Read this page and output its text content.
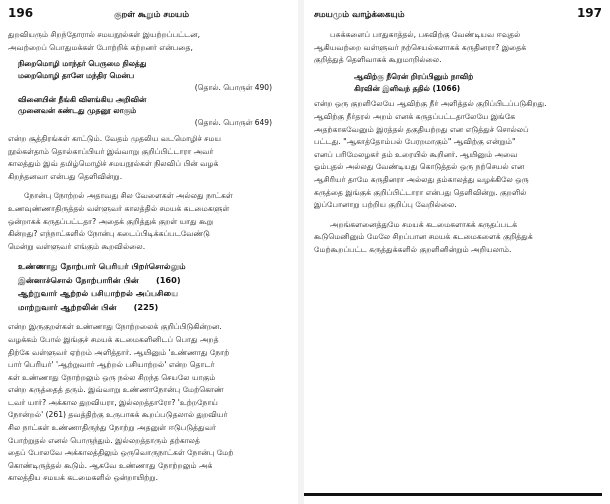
196	குறள் கூறும் சமயம்

துறவியரும் சிறந்தோரால் சமயநூல்கள் இயற்றப்பட்டன,

அவற்றைப் பொதுமக்கள் போற்றிக் கற்றனர் என்பதை,

நிறைமொழி மாந்தர் பெருமை நிலத்து

மறைமொழி தானே மந்திர மென்ப

(தொல். பொருள் 490)

வினையின் நீங்கி விளங்கிய அறிவின்

முனைவன் கண்டது முதனூ லாகும்

(தொல். பொருள் 649)

என்ற சூத்திரங்கள் காட்டும். வேதம் முதலிய வடமொழிச் சமய

நூல்கள்தாம் தொல்காப்பியர் இவ்வாறு குறிப்பிட்டாரா அவர்

காலத்தும் இவ் தமிழ்மொழிச் சமயநூல்கள் நிலவிப் பின் வழக்

கிறந்தனவா என்பது தெளிவின்று.

நோன்பு நோற்றல் அதாவது சில வேளைகள் அல்லது நாட்கள்

உணவுண்ணாதிருத்தல் வள்ளுவர் காலத்தில் சமயக் கடமைகளுள்

ஒன்றாகக் கருதப்பட்டதா? அதைக் குறித்துக் குறள் யாது கூறு

கின்றது? எந்நாட்களில் நோன்பு கடைப்பிடிக்கப்படவேண்டு

மென்று வள்ளுவர் எங்கும் கூறவில்லை.

உண்ணாது நோற்பார் பெரியர் பிறர்சொல்லும்

இன்னாச்சொல் நோற்பாரின் பின் (160)

ஆற்றுவார் ஆற்றல் பசியாற்றல் அப்பசியை

மாற்றுவார் ஆற்றலின் பின் (225)

என்ற இருகுறள்கள் உண்ணாது நோற்றலைக் குறிப்பிடுகின்றன.

வழக்கம் போல் இங்குச் சமயக் கடமைகளினிடப் பொது அறத்

திற்கே வள்ளுவர் ஏற்றம் அளித்தார். ஆயினும் 'உண்ணாது நோற்

பார் பெரியர்' 'ஆற்றுவார் ஆற்றல் பசியாற்றல்' என்ற தொடர்

கள் உண்ணாது நோற்றலும் ஒரு நல்ல சிறந்த செயலே யாகும்

என்ற கருத்தைத் தரும். இவ்வாறு உண்ணாநோன்பு மேற்கொண்

டவர் யார்? அக்கால துறவியரா, இல்லறத்தாரோ? 'உற்றநோய்

நோன்றல்' (261) தவத்திற்கு உருபாகக் கூறப்படுதலால் துறவியர்

சில நாட்கள் உண்ணாதிருந்து நோற்று அதனுள் ஈடுபடுத்துவர்

போற்றுதல் எனல் பொருந்தும். இல்லறத்தாரும் தற்காலத்

தைப் போலவே அக்காலத்திலும் ஒருவொருநாட்கள் நோன்பு மேற்

கொண்டிருத்தல் கூடும். ஆகவே உண்ணாது நோற்றலும் அக்

காலத்திய சமயக் கடமைகளில் ஒன்றாயிற்று.

சமயமும் வாழ்க்கையும்	197

பசுக்களைப் பாதுகாத்தல், பசுவிற்கு வேண்டியவ ஈவுதல்

ஆகியவற்றை வள்ளுவர் நற்செயல்களாகக் கருதினரா? இதைக்

குறித்துத் தெளிவாகக் கூறுமாறில்லை.

ஆவிற்கு நீரென் றிரப்பினும் நாவிற்

கிரவின் இளிவந் ததில் (1066)

என்ற ஒரு குறளிலேயே ஆவிற்கு நீர் அளித்தல் குறிப்பிடப்படுகிறது.

ஆவிற்கு நீர்தரல் அறம் எனக் கருதப்பட்டதாலேயே இங்கே

அதற்காகவேனும் இரத்தல் தகுதியற்றது என எடுத்துச் சொல்லப்

பட்டது. "ஆகாத்தோம்பல் பேரறமாகும்" ஆவிற்கு என்றும்"

எனப் பரிமேலழகர் தம் உரையில் கூறினர். ஆயினும் அவை

ஓம்புதல் அல்லது வேண்டியது கொடுத்தல் ஒரு நற்செயல் என

ஆசிரியர் தாமே கருதினரா அல்லது தம்காலத்து வழக்கிலே ஒரு

கருத்தை இங்குக் குறிப்பிட்டாரா என்பது தெளிவின்று. குறளில்

இப்போனாறு பற்றிய குறிப்பு வேறில்லை.

அறங்களனைத்துமே சமயக் கடமைகளாகக் கருதப்படக்

கூடுமெனினும் மேலே சிறப்பான சமயக் கடமைகளைக் குறித்துக்

மேற்கூறப்பட்ட கருத்துக்களில் குறளினின்றும் அறியலாம்.
